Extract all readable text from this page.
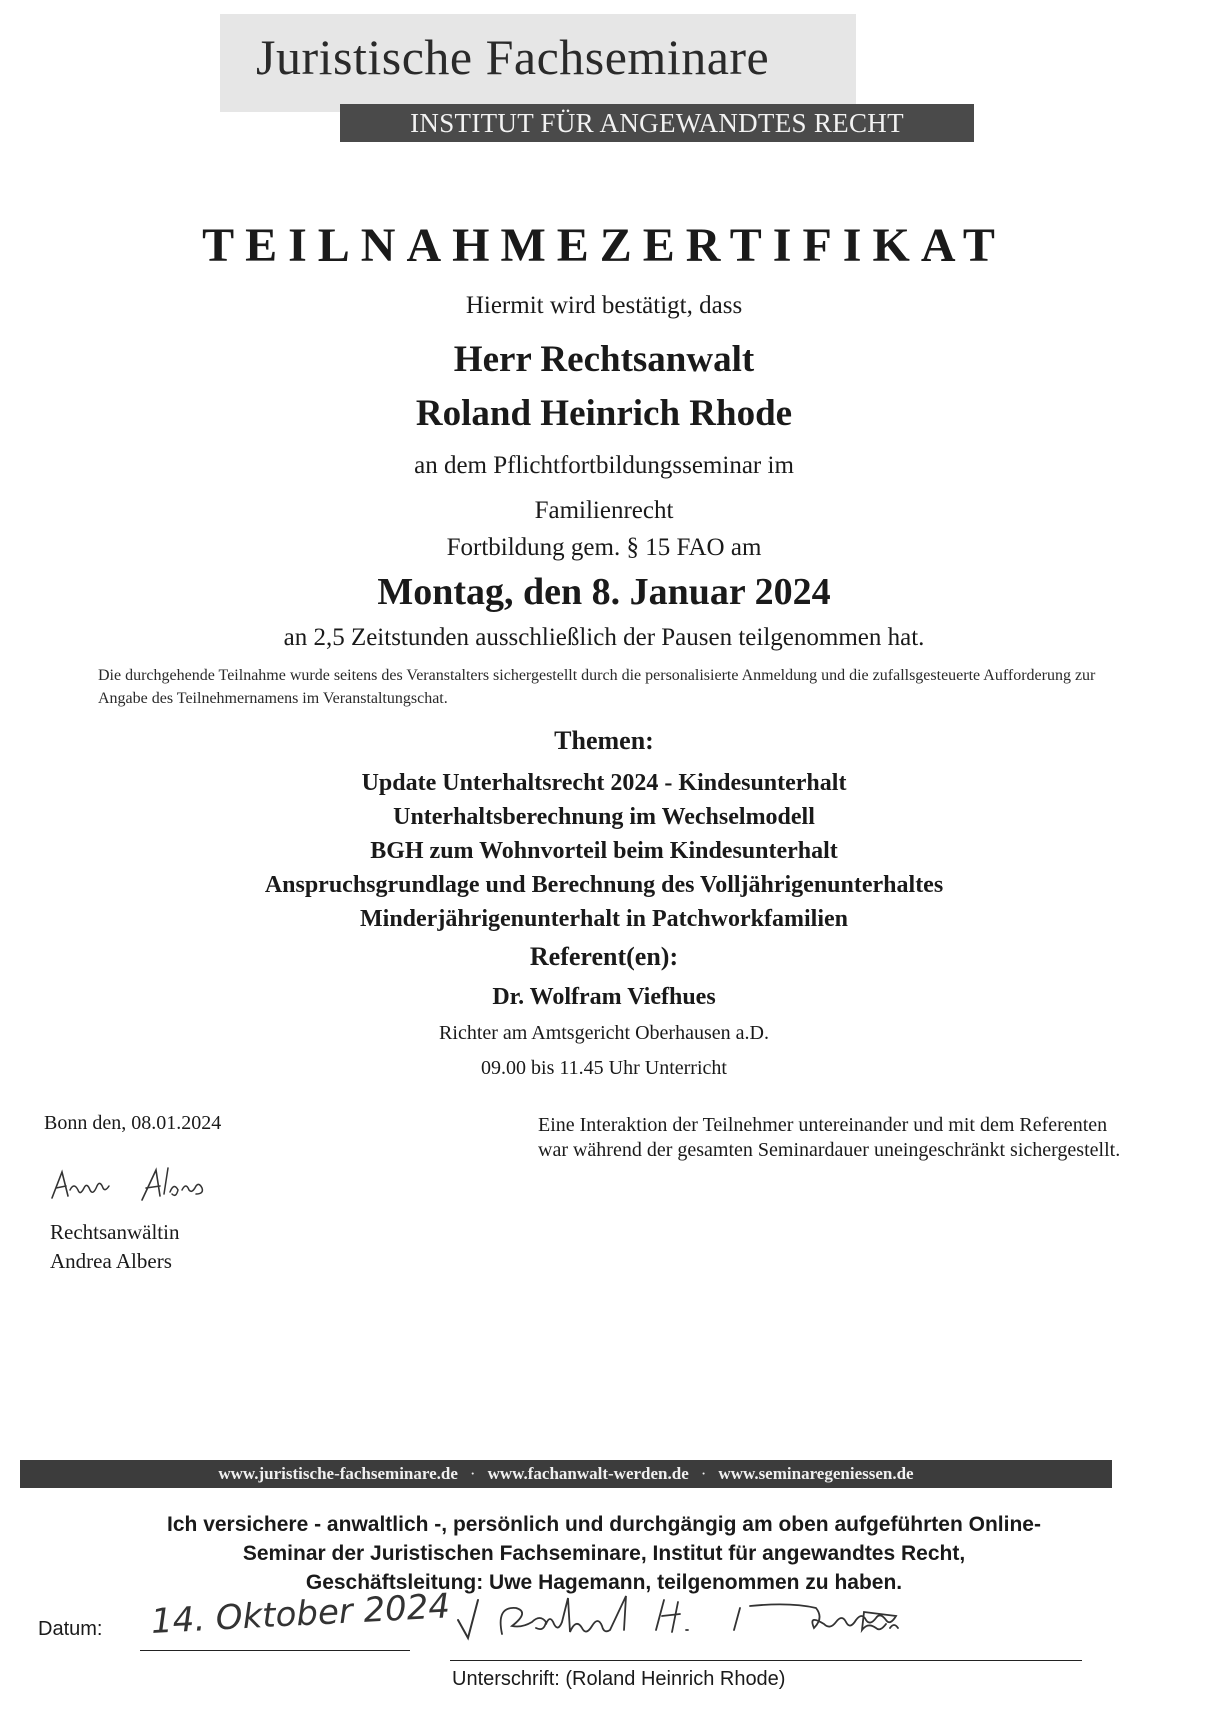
Juristische Fachseminare
INSTITUT FÜR ANGEWANDTES RECHT
TEILNAHMEZERTIFIKAT
Hiermit wird bestätigt, dass
Herr Rechtsanwalt
Roland Heinrich Rhode
an dem Pflichtfortbildungsseminar im
Familienrecht
Fortbildung gem. § 15 FAO am
Montag, den 8. Januar 2024
an 2,5 Zeitstunden ausschließlich der Pausen teilgenommen hat.
Die durchgehende Teilnahme wurde seitens des Veranstalters sichergestellt durch die personalisierte Anmeldung und die zufallsgesteuerte Aufforderung zur Angabe des Teilnehmernamens im Veranstaltungschat.
Themen:
Update Unterhaltsrecht 2024 - Kindesunterhalt
Unterhaltsberechnung im Wechselmodell
BGH zum Wohnvorteil beim Kindesunterhalt
Anspruchsgrundlage und Berechnung des Volljährigenunterhaltes
Minderjährigenunterhalt in Patchworkfamilien
Referent(en):
Dr. Wolfram Viefhues
Richter am Amtsgericht Oberhausen a.D.
09.00 bis 11.45 Uhr Unterricht
Bonn den, 08.01.2024
Rechtsanwältin
Andrea Albers
Eine Interaktion der Teilnehmer untereinander und mit dem Referenten war während der gesamten Seminardauer uneingeschränkt sichergestellt.
www.juristische-fachseminare.de · www.fachanwalt-werden.de · www.seminaregeniessen.de
Ich versichere - anwaltlich -, persönlich und durchgängig am oben aufgeführten Online-
Seminar der Juristischen Fachseminare, Institut für angewandtes Recht,
Geschäftsleitung: Uwe Hagemann, teilgenommen zu haben.
Datum: 14. Oktober 2024
Unterschrift: (Roland Heinrich Rhode)
